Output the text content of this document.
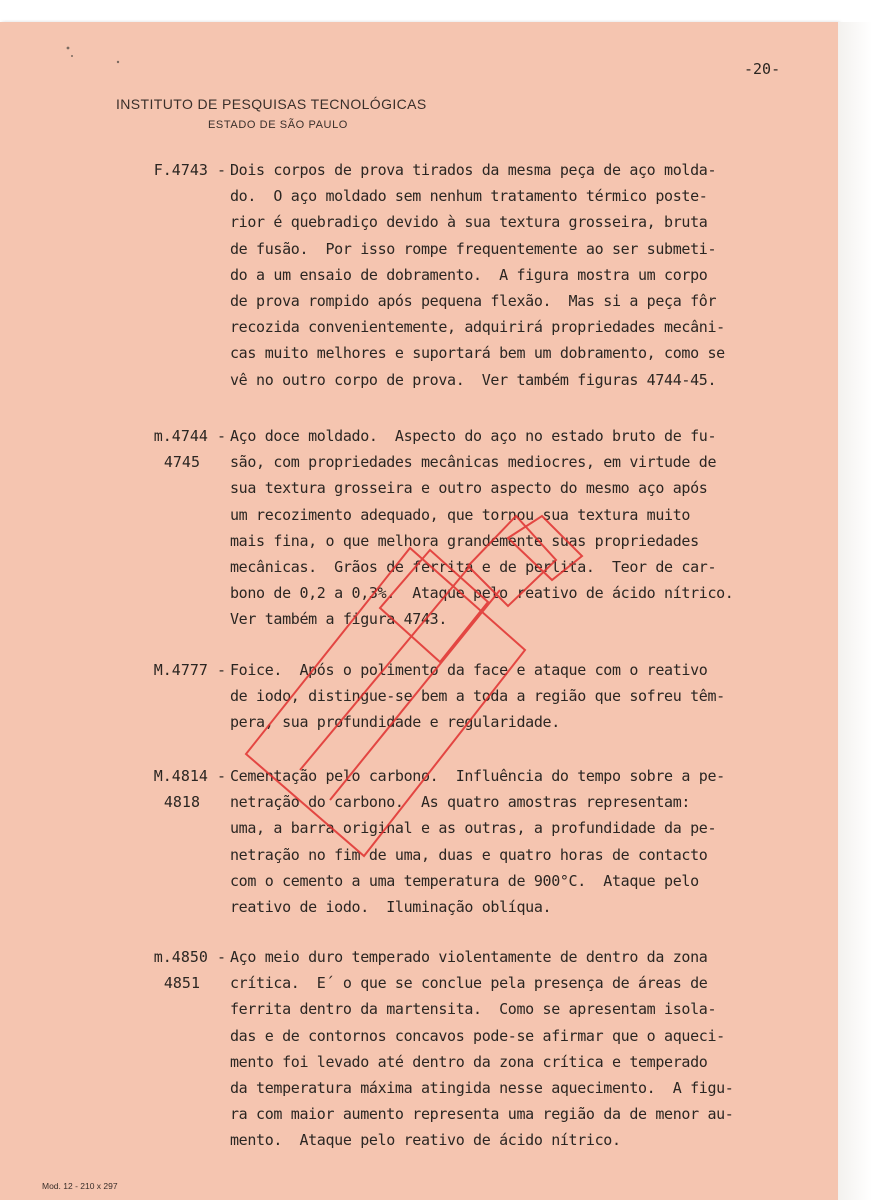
-20-
INSTITUTO DE PESQUISAS TECNOLÓGICAS
ESTADO DE SÃO PAULO
F.4743 - Dois corpos de prova tirados da mesma peça de aço molda-
do.  O aço moldado sem nenhum tratamento térmico poste-
rior é quebradiço devido à sua textura grosseira, bruta
de fusão.  Por isso rompe frequentemente ao ser submeti-
do a um ensaio de dobramento.  A figura mostra um corpo
de prova rompido após pequena flexão.  Mas si a peça fôr
recozida convenientemente, adquirirá propriedades mecâni-
cas muito melhores e suportará bem um dobramento, como se
vê no outro corpo de prova.  Ver também figuras 4744-45.
m.4744 -
4745
Aço doce moldado.  Aspecto do aço no estado bruto de fu-
são, com propriedades mecânicas mediocres, em virtude de
sua textura grosseira e outro aspecto do mesmo aço após
um recozimento adequado, que tornou sua textura muito
mais fina, o que melhora grandemente suas propriedades
mecânicas.  Grãos de ferrita e de perlita.  Teor de car-
bono de 0,2 a 0,3%.  Ataque pelo reativo de ácido nítrico.
Ver também a figura 4743.
M.4777 - Foice.  Após o polimento da face e ataque com o reativo
de iodo, distingue-se bem a toda a região que sofreu têm-
pera, sua profundidade e regularidade.
M.4814 -
4818
Cementação pelo carbono.  Influência do tempo sobre a pe-
netração do carbono.  As quatro amostras representam:
uma, a barra original e as outras, a profundidade da pe-
netração no fim de uma, duas e quatro horas de contacto
com o cemento a uma temperatura de 900°C.  Ataque pelo
reativo de iodo.  Iluminação oblíqua.
m.4850 -
4851
Aço meio duro temperado violentamente de dentro da zona
crítica.  E´ o que se conclue pela presença de áreas de
ferrita dentro da martensita.  Como se apresentam isola-
das e de contornos concavos pode-se afirmar que o aqueci-
mento foi levado até dentro da zona crítica e temperado
da temperatura máxima atingida nesse aquecimento.  A figu-
ra com maior aumento representa uma região da de menor au-
mento.  Ataque pelo reativo de ácido nítrico.
Mod. 12 - 210 x 297
